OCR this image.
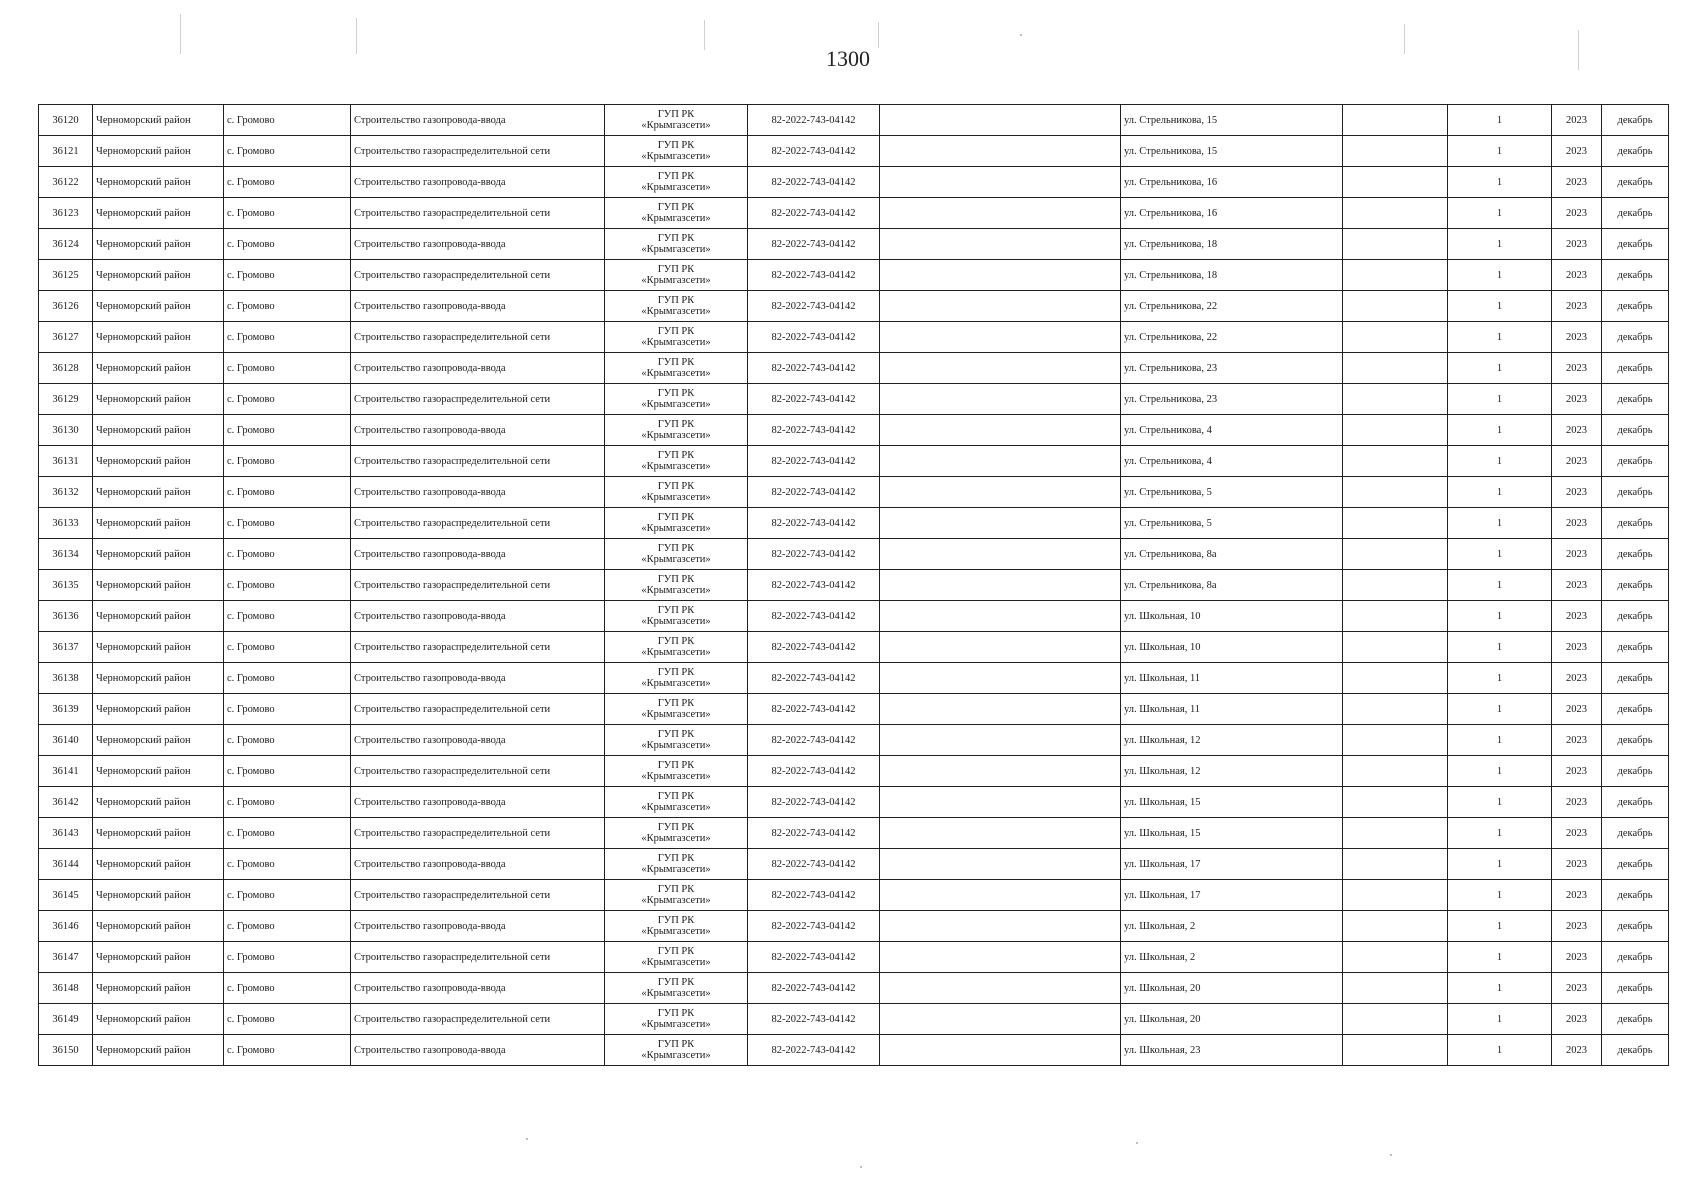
1300
36120	Черноморский район	с. Громово	Строительство газопровода-ввода	ГУП РК
«Крымгазсети»	82-2022-743-04142		ул. Стрельникова, 15		1	2023	декабрь
36121	Черноморский район	с. Громово	Строительство газораспределительной сети	ГУП РК
«Крымгазсети»	82-2022-743-04142		ул. Стрельникова, 15		1	2023	декабрь
36122	Черноморский район	с. Громово	Строительство газопровода-ввода	ГУП РК
«Крымгазсети»	82-2022-743-04142		ул. Стрельникова, 16		1	2023	декабрь
36123	Черноморский район	с. Громово	Строительство газораспределительной сети	ГУП РК
«Крымгазсети»	82-2022-743-04142		ул. Стрельникова, 16		1	2023	декабрь
36124	Черноморский район	с. Громово	Строительство газопровода-ввода	ГУП РК
«Крымгазсети»	82-2022-743-04142		ул. Стрельникова, 18		1	2023	декабрь
36125	Черноморский район	с. Громово	Строительство газораспределительной сети	ГУП РК
«Крымгазсети»	82-2022-743-04142		ул. Стрельникова, 18		1	2023	декабрь
36126	Черноморский район	с. Громово	Строительство газопровода-ввода	ГУП РК
«Крымгазсети»	82-2022-743-04142		ул. Стрельникова, 22		1	2023	декабрь
36127	Черноморский район	с. Громово	Строительство газораспределительной сети	ГУП РК
«Крымгазсети»	82-2022-743-04142		ул. Стрельникова, 22		1	2023	декабрь
36128	Черноморский район	с. Громово	Строительство газопровода-ввода	ГУП РК
«Крымгазсети»	82-2022-743-04142		ул. Стрельникова, 23		1	2023	декабрь
36129	Черноморский район	с. Громово	Строительство газораспределительной сети	ГУП РК
«Крымгазсети»	82-2022-743-04142		ул. Стрельникова, 23		1	2023	декабрь
36130	Черноморский район	с. Громово	Строительство газопровода-ввода	ГУП РК
«Крымгазсети»	82-2022-743-04142		ул. Стрельникова, 4		1	2023	декабрь
36131	Черноморский район	с. Громово	Строительство газораспределительной сети	ГУП РК
«Крымгазсети»	82-2022-743-04142		ул. Стрельникова, 4		1	2023	декабрь
36132	Черноморский район	с. Громово	Строительство газопровода-ввода	ГУП РК
«Крымгазсети»	82-2022-743-04142		ул. Стрельникова, 5		1	2023	декабрь
36133	Черноморский район	с. Громово	Строительство газораспределительной сети	ГУП РК
«Крымгазсети»	82-2022-743-04142		ул. Стрельникова, 5		1	2023	декабрь
36134	Черноморский район	с. Громово	Строительство газопровода-ввода	ГУП РК
«Крымгазсети»	82-2022-743-04142		ул. Стрельникова, 8а		1	2023	декабрь
36135	Черноморский район	с. Громово	Строительство газораспределительной сети	ГУП РК
«Крымгазсети»	82-2022-743-04142		ул. Стрельникова, 8а		1	2023	декабрь
36136	Черноморский район	с. Громово	Строительство газопровода-ввода	ГУП РК
«Крымгазсети»	82-2022-743-04142		ул. Школьная, 10		1	2023	декабрь
36137	Черноморский район	с. Громово	Строительство газораспределительной сети	ГУП РК
«Крымгазсети»	82-2022-743-04142		ул. Школьная, 10		1	2023	декабрь
36138	Черноморский район	с. Громово	Строительство газопровода-ввода	ГУП РК
«Крымгазсети»	82-2022-743-04142		ул. Школьная, 11		1	2023	декабрь
36139	Черноморский район	с. Громово	Строительство газораспределительной сети	ГУП РК
«Крымгазсети»	82-2022-743-04142		ул. Школьная, 11		1	2023	декабрь
36140	Черноморский район	с. Громово	Строительство газопровода-ввода	ГУП РК
«Крымгазсети»	82-2022-743-04142		ул. Школьная, 12		1	2023	декабрь
36141	Черноморский район	с. Громово	Строительство газораспределительной сети	ГУП РК
«Крымгазсети»	82-2022-743-04142		ул. Школьная, 12		1	2023	декабрь
36142	Черноморский район	с. Громово	Строительство газопровода-ввода	ГУП РК
«Крымгазсети»	82-2022-743-04142		ул. Школьная, 15		1	2023	декабрь
36143	Черноморский район	с. Громово	Строительство газораспределительной сети	ГУП РК
«Крымгазсети»	82-2022-743-04142		ул. Школьная, 15		1	2023	декабрь
36144	Черноморский район	с. Громово	Строительство газопровода-ввода	ГУП РК
«Крымгазсети»	82-2022-743-04142		ул. Школьная, 17		1	2023	декабрь
36145	Черноморский район	с. Громово	Строительство газораспределительной сети	ГУП РК
«Крымгазсети»	82-2022-743-04142		ул. Школьная, 17		1	2023	декабрь
36146	Черноморский район	с. Громово	Строительство газопровода-ввода	ГУП РК
«Крымгазсети»	82-2022-743-04142		ул. Школьная, 2		1	2023	декабрь
36147	Черноморский район	с. Громово	Строительство газораспределительной сети	ГУП РК
«Крымгазсети»	82-2022-743-04142		ул. Школьная, 2		1	2023	декабрь
36148	Черноморский район	с. Громово	Строительство газопровода-ввода	ГУП РК
«Крымгазсети»	82-2022-743-04142		ул. Школьная, 20		1	2023	декабрь
36149	Черноморский район	с. Громово	Строительство газораспределительной сети	ГУП РК
«Крымгазсети»	82-2022-743-04142		ул. Школьная, 20		1	2023	декабрь
36150	Черноморский район	с. Громово	Строительство газопровода-ввода	ГУП РК
«Крымгазсети»	82-2022-743-04142		ул. Школьная, 23		1	2023	декабрь
